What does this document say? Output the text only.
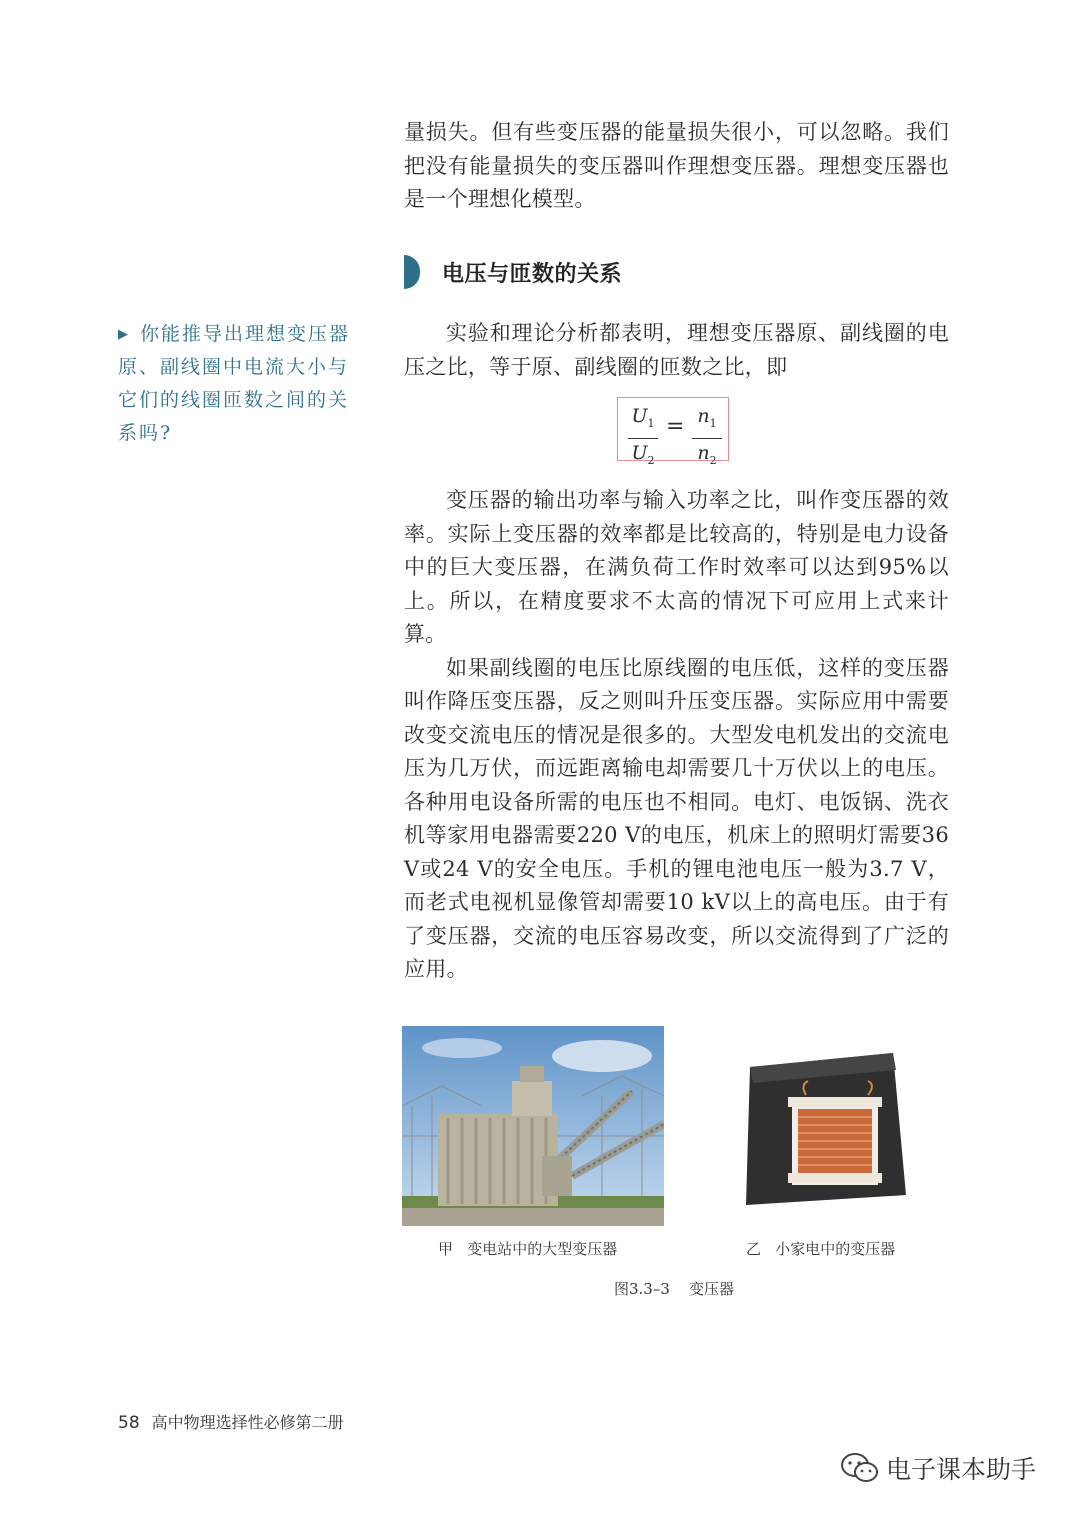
量损失。但有些变压器的能量损失很小，可以忽略。我们把没有能量损失的变压器叫作理想变压器。理想变压器也是一个理想化模型。

电压与匝数的关系
▶ 你能推导出理想变压器原、副线圈中电流大小与它们的线圈匝数之间的关系吗?

实验和理论分析都表明，理想变压器原、副线圈的电压之比，等于原、副线圈的匝数之比，即

$U_1$
$U_2$
= $n_1$
$n_2$

变压器的输出功率与输入功率之比，叫作变压器的效率。实际上变压器的效率都是比较高的，特别是电力设备中的巨大变压器，在满负荷工作时效率可以达到95%以上。所以，在精度要求不太高的情况下可应用上式来计算。

如果副线圈的电压比原线圈的电压低，这样的变压器叫作降压变压器，反之则叫升压变压器。实际应用中需要改变交流电压的情况是很多的。大型发电机发出的交流电压为几万伏，而远距离输电却需要几十万伏以上的电压。各种用电设备所需的电压也不相同。电灯、电饭锅、洗衣机等家用电器需要220 V的电压，机床上的照明灯需要36 V或24 V的安全电压。手机的锂电池电压一般为3.7 V，而老式电视机显像管却需要10 kV以上的高电压。由于有了变压器，交流的电压容易改变，所以交流得到了广泛的应用。

甲   变电站中的大型变压器	乙   小家电中的变压器
图3.3–3    变压器
58 高中物理选择性必修第二册
电子课本助手
